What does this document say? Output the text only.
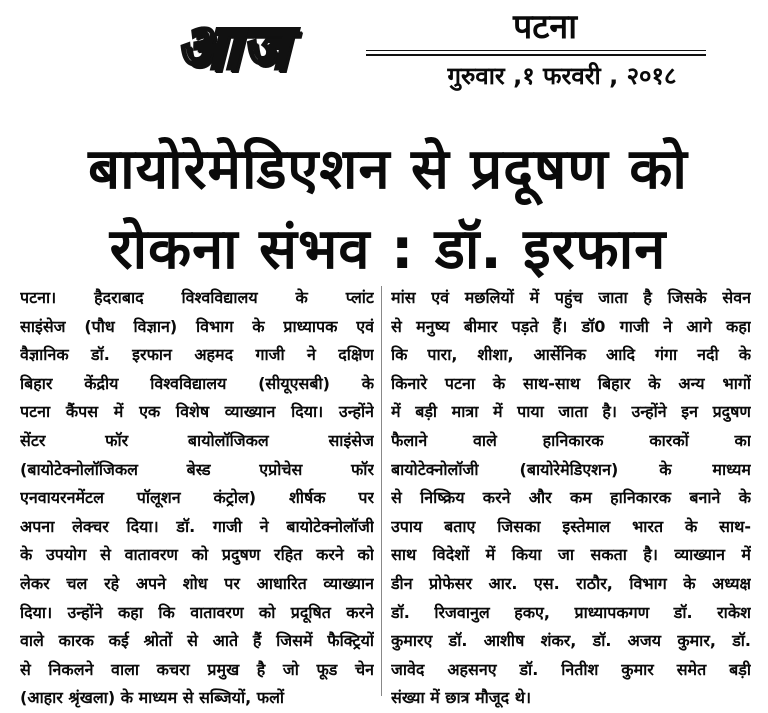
आज	पटना
गुरुवार ,१ फरवरी , २०१८
बायोरेमेडिएशन से प्रदूषण को
रोकना संभव : डॉ. इरफान
पटना। हैदराबाद विश्वविद्यालय के प्लांट
साइंसेज (पौध विज्ञान) विभाग के प्राध्यापक एवं
वैज्ञानिक डॉ. इरफान अहमद गाजी ने दक्षिण
बिहार केंद्रीय विश्वविद्यालय (सीयूएसबी) के
पटना कैंपस में एक विशेष व्याख्यान दिया। उन्होंने
सेंटर फॉर बायोलॉजिकल साइंसेज
(बायोटेक्नोलॉजिकल बेस्ड एप्रोचेस फॉर
एनवायरनमेंटल पॉलूशन कंट्रोल) शीर्षक पर
अपना लेक्चर दिया। डॉ. गाजी ने बायोटेक्नोलॉजी
के उपयोग से वातावरण को प्रदुषण रहित करने को
लेकर चल रहे अपने शोध पर आधारित व्याख्यान
दिया। उन्होंने कहा कि वातावरण को प्रदूषित करने
वाले कारक कई श्रोतों से आते हैं जिसमें फैक्ट्रियों
से निकलने वाला कचरा प्रमुख है जो फूड चेन
(आहार श्रृंखला) के माध्यम से सब्जियों, फलों
मांस एवं मछलियों में पहुंच जाता है जिसके सेवन
से मनुष्य बीमार पड़ते हैं। डॉ0 गाजी ने आगे कहा
कि पारा, शीशा, आर्सेनिक आदि गंगा नदी के
किनारे पटना के साथ-साथ बिहार के अन्य भागों
में बड़ी मात्रा में पाया जाता है। उन्होंने इन प्रदुषण
फैलाने वाले हानिकारक कारकों का
बायोटेक्नोलॉजी (बायोरेमेडिएशन) के माध्यम
से निष्क्रिय करने और कम हानिकारक बनाने के
उपाय बताए जिसका इस्तेमाल भारत के साथ-
साथ विदेशों में किया जा सकता है। व्याख्यान में
डीन प्रोफेसर आर. एस. राठौर, विभाग के अध्यक्ष
डॉ. रिजवानुल हकए, प्राध्यापकगण डॉ. राकेश
कुमारए डॉ. आशीष शंकर, डॉ. अजय कुमार, डॉ.
जावेद अहसनए डॉ. नितीश कुमार समेत बड़ी
संख्या में छात्र मौजूद थे।
